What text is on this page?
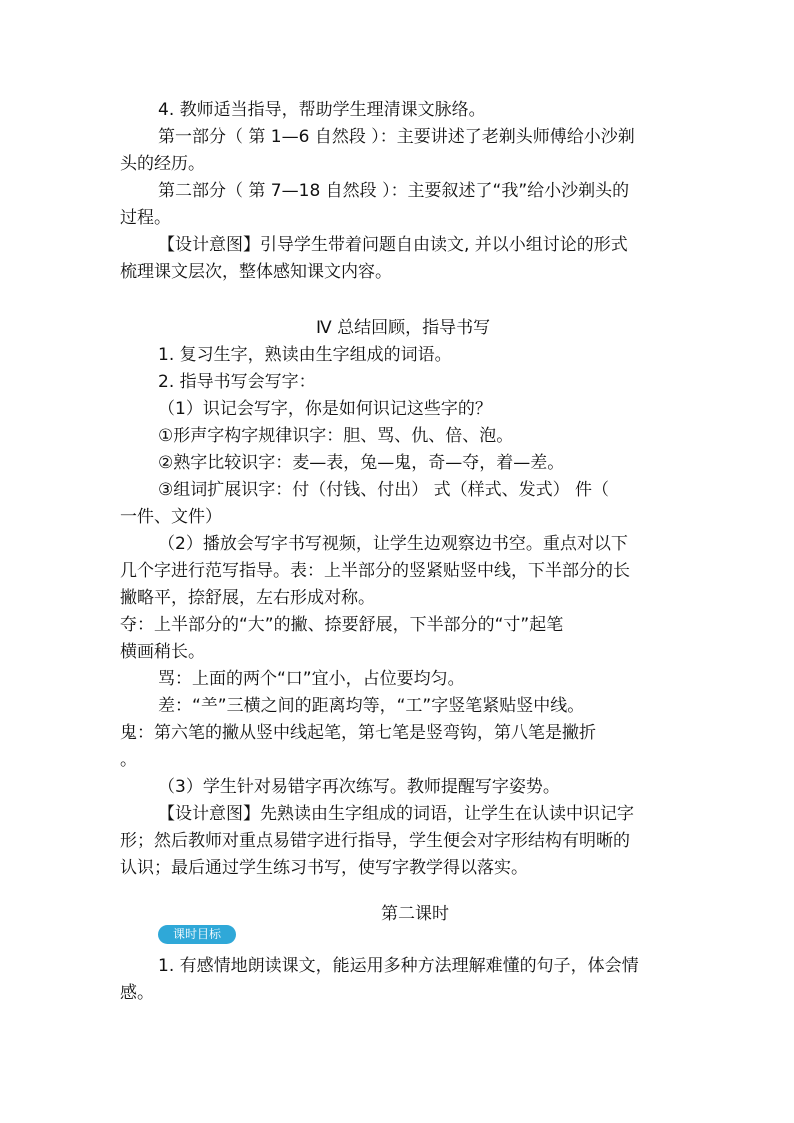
4. 教师适当指导，帮助学生理清课文脉络。
第一部分（ 第 1—6 自然段 ）：主要讲述了老剃头师傅给小沙剃
头的经历。
第二部分（ 第 7—18 自然段 ）：主要叙述了“我”给小沙剃头的
过程。
【设计意图】引导学生带着问题自由读文, 并以小组讨论的形式
梳理课文层次，整体感知课文内容。
Ⅳ 总结回顾，指导书写
1. 复习生字，熟读由生字组成的词语。
2. 指导书写会写字：
（1）识记会写字，你是如何识记这些字的？
①形声字构字规律识字：胆、骂、仇、倍、泡。
②熟字比较识字：麦—表，兔—鬼，奇—夺，着—差。
③组词扩展识字：付（付钱、付出） 式（样式、发式） 件（
一件、文件）
（2）播放会写字书写视频，让学生边观察边书空。重点对以下
几个字进行范写指导。表：上半部分的竖紧贴竖中线，下半部分的长
撇略平，捺舒展，左右形成对称。
夺：上半部分的“大”的撇、捺要舒展，下半部分的“寸”起笔
横画稍长。
骂：上面的两个“口”宜小，占位要均匀。
差：“⺷”三横之间的距离均等，“工”字竖笔紧贴竖中线。
鬼：第六笔的撇从竖中线起笔，第七笔是竖弯钩，第八笔是撇折
。
（3）学生针对易错字再次练写。教师提醒写字姿势。
【设计意图】先熟读由生字组成的词语，让学生在认读中识记字
形；然后教师对重点易错字进行指导，学生便会对字形结构有明晰的
认识；最后通过学生练习书写，使写字教学得以落实。
第二课时
课时目标
1. 有感情地朗读课文，能运用多种方法理解难懂的句子，体会情
感。
